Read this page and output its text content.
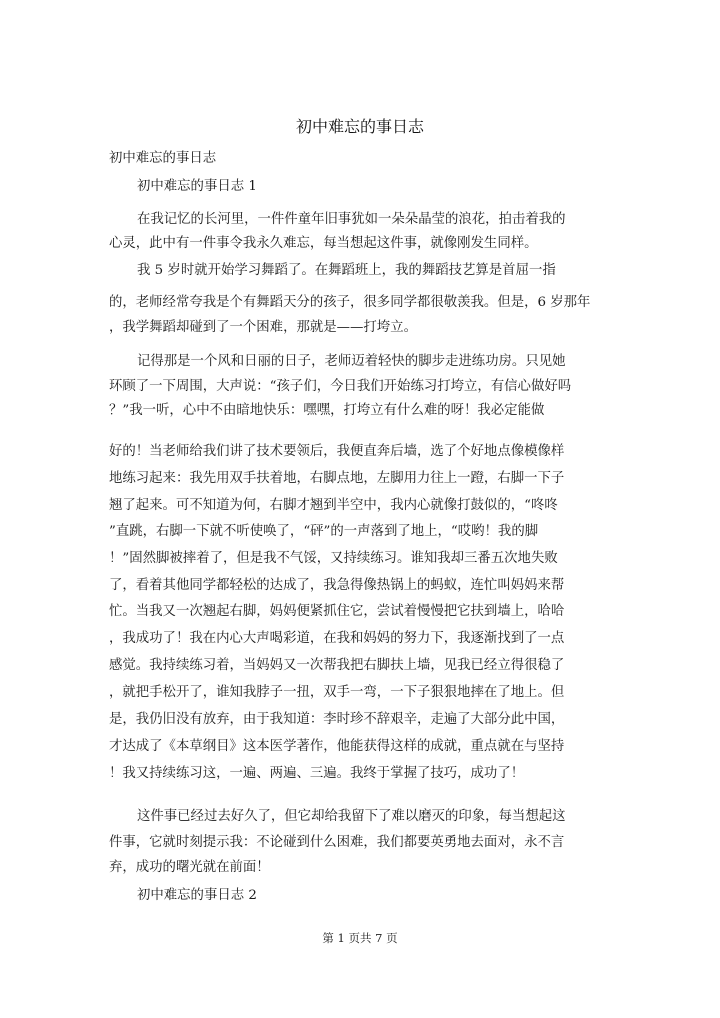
初中难忘的事日志
初中难忘的事日志
初中难忘的事日志 1
在我记忆的长河里，一件件童年旧事犹如一朵朵晶莹的浪花，拍击着我的
心灵，此中有一件事令我永久难忘，每当想起这件事，就像刚发生同样。
我 5 岁时就开始学习舞蹈了。在舞蹈班上，我的舞蹈技艺算是首屈一指
的，老师经常夸我是个有舞蹈天分的孩子，很多同学都很敬羡我。但是，6 岁那年
，我学舞蹈却碰到了一个困难，那就是——打垮立。
记得那是一个风和日丽的日子，老师迈着轻快的脚步走进练功房。只见她
环顾了一下周围，大声说：“孩子们，今日我们开始练习打垮立，有信心做好吗
？”我一听，心中不由暗地快乐：嘿嘿，打垮立有什么难的呀！我必定能做
好的！当老师给我们讲了技术要领后，我便直奔后墙，选了个好地点像模像样
地练习起来：我先用双手扶着地，右脚点地，左脚用力往上一蹬，右脚一下子
翘了起来。可不知道为何，右脚才翘到半空中，我内心就像打鼓似的，“咚咚
”直跳，右脚一下就不听使唤了，“砰”的一声落到了地上，“哎哟！我的脚
！”固然脚被摔着了，但是我不气馁，又持续练习。谁知我却三番五次地失败
了，看着其他同学都轻松的达成了，我急得像热锅上的蚂蚁，连忙叫妈妈来帮
忙。当我又一次翘起右脚，妈妈便紧抓住它，尝试着慢慢把它扶到墙上，哈哈
，我成功了！我在内心大声喝彩道，在我和妈妈的努力下，我逐渐找到了一点
感觉。我持续练习着，当妈妈又一次帮我把右脚扶上墙，见我已经立得很稳了
，就把手松开了，谁知我脖子一扭，双手一弯，一下子狠狠地摔在了地上。但
是，我仍旧没有放弃，由于我知道：李时珍不辞艰辛，走遍了大部分此中国，
才达成了《本草纲目》这本医学著作，他能获得这样的成就，重点就在与坚持
！我又持续练习这，一遍、两遍、三遍。我终于掌握了技巧，成功了！
这件事已经过去好久了，但它却给我留下了难以磨灭的印象，每当想起这
件事，它就时刻提示我：不论碰到什么困难，我们都要英勇地去面对，永不言
弃，成功的曙光就在前面！
初中难忘的事日志 2
第 1 页共 7 页
